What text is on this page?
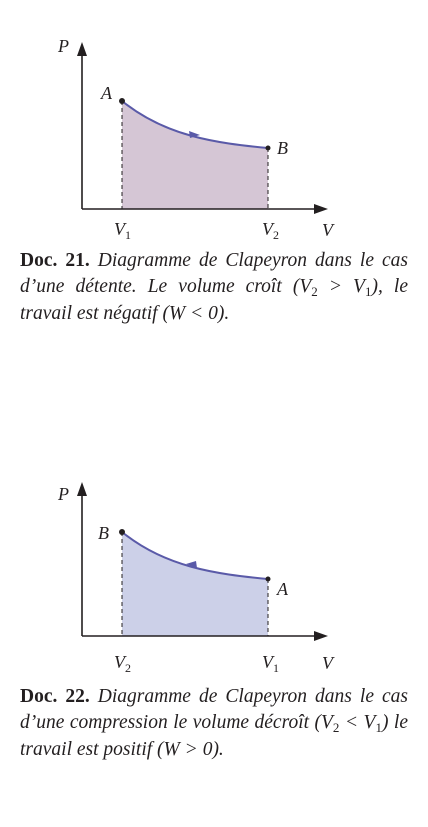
P
V
A
B
$V_1$	$V_2$
Doc. 21. Diagramme de Clapeyron dans le cas d’une détente. Le volume croît $(V_2 > V_1)$, le travail est négatif (W < 0).
P
V
B
A
$V_2$	$V_1$
Doc. 22. Diagramme de Clapeyron dans le cas d’une compression le volume décroît $(V_2 < V_1)$ le travail est positif (W > 0).
